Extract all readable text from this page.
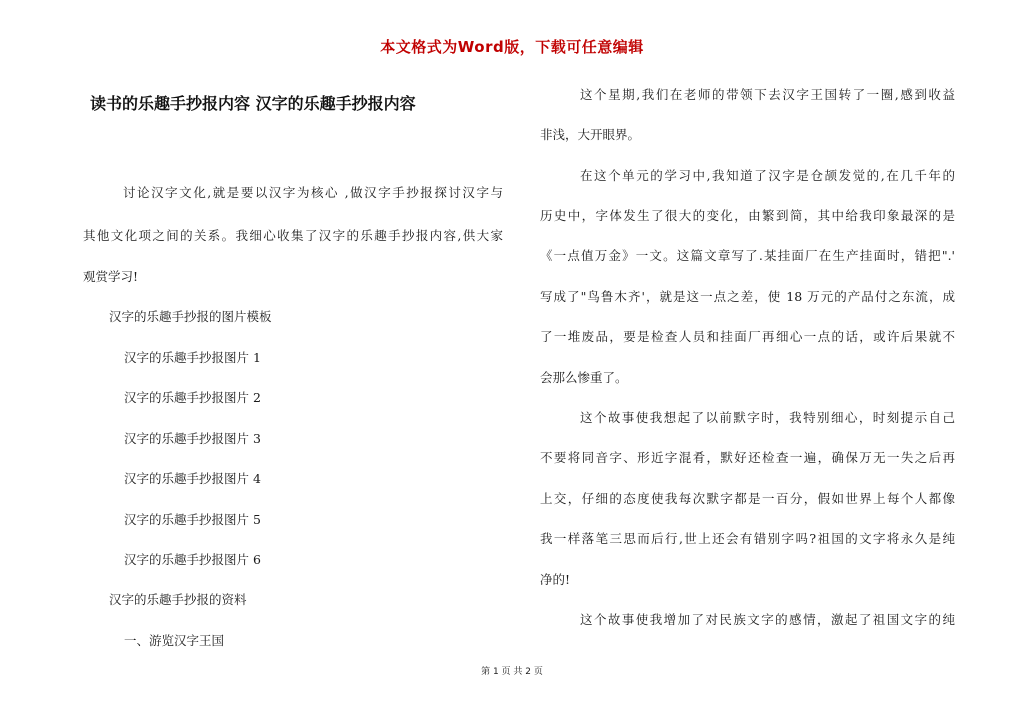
本文格式为Word版，下载可任意编辑
读书的乐趣手抄报内容 汉字的乐趣手抄报内容
讨论汉字文化,就是要以汉字为核心 ,做汉字手抄报探讨汉字与
其他文化项之间的关系。我细心收集了汉字的乐趣手抄报内容,供大家
观赏学习!
汉字的乐趣手抄报的图片模板
汉字的乐趣手抄报图片 1
汉字的乐趣手抄报图片 2
汉字的乐趣手抄报图片 3
汉字的乐趣手抄报图片 4
汉字的乐趣手抄报图片 5
汉字的乐趣手抄报图片 6
汉字的乐趣手抄报的资料
一、游览汉字王国
这个星期,我们在老师的带领下去汉字王国转了一圈,感到收益
非浅，大开眼界。
在这个单元的学习中,我知道了汉字是仓颉发觉的,在几千年的
历史中，字体发生了很大的变化，由繁到简，其中给我印象最深的是
《一点值万金》一文。这篇文章写了.某挂面厂在生产挂面时，错把".'
写成了"鸟鲁木齐'，就是这一点之差，使 18 万元的产品付之东流，成
了一堆废品，要是检查人员和挂面厂再细心一点的话，或许后果就不
会那么惨重了。
这个故事使我想起了以前默字时，我特别细心，时刻提示自己
不要将同音字、形近字混肴，默好还检查一遍，确保万无一失之后再
上交，仔细的态度使我每次默字都是一百分，假如世界上每个人都像
我一样落笔三思而后行,世上还会有错别字吗?祖国的文字将永久是纯
净的!
这个故事使我增加了对民族文字的感情，激起了祖国文字的纯
第 1 页 共 2 页
